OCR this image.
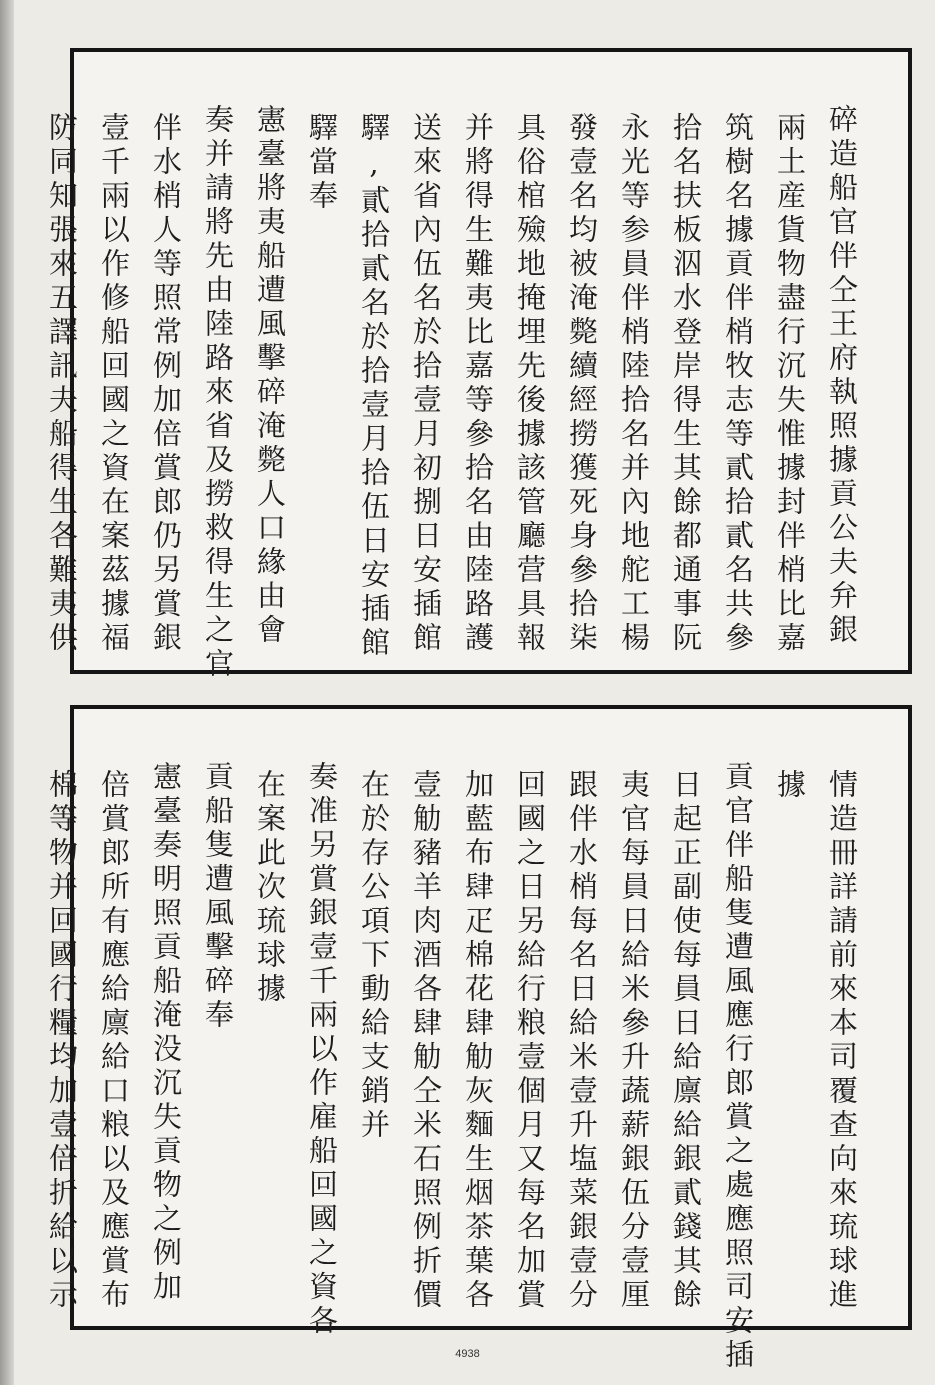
碎造船官伴仝王府執照據貢公夫弁銀

兩土産貨物盡行沉失惟據封伴梢比嘉

筑樹名據貢伴梢牧志等貳拾貳名共參

拾名扶板泅水登岸得生其餘都通事阮

永光等参員伴梢陸拾名并內地舵工楊

發壹名均被淹斃續經撈獲死身參拾柒

具俗棺殮地掩埋先後據該管廳营具報

并將得生難夷比嘉等參拾名由陸路護

送來省內伍名於拾壹月初捌日安插館

驛,貳拾貳名於拾壹月拾伍日安插館

驛當奉

憲臺將夷船遭風擊碎淹斃人口緣由會

奏并請將先由陸路來省及撈救得生之官

伴水梢人等照常例加倍賞郎仍另賞銀

壹千兩以作修船回國之資在案茲據福

防同知張來五譯訊夫船得生各難夷供

情造冊詳請前來本司覆查向來琉球進

據

貢官伴船隻遭風應行郎賞之處應照司安插

日起正副使每員日給廪給銀貳錢其餘

夷官每員日給米參升蔬薪銀伍分壹厘

跟伴水梢每名日給米壹升塩菜銀壹分

回國之日另給行粮壹個月又每名加賞

加藍布肆疋棉花肆觔灰麵生烟茶葉各

壹觔豬羊肉酒各肆觔仝米石照例折價

在於存公項下動給支銷并

奏准另賞銀壹千兩以作雇船回國之資各

在案此次琉球據

貢船隻遭風擊碎奉

憲臺奏明照貢船淹没沉失貢物之例加

倍賞郎所有應給廪給口粮以及應賞布

棉等物并回國行糧均加壹倍折給以示

4938
